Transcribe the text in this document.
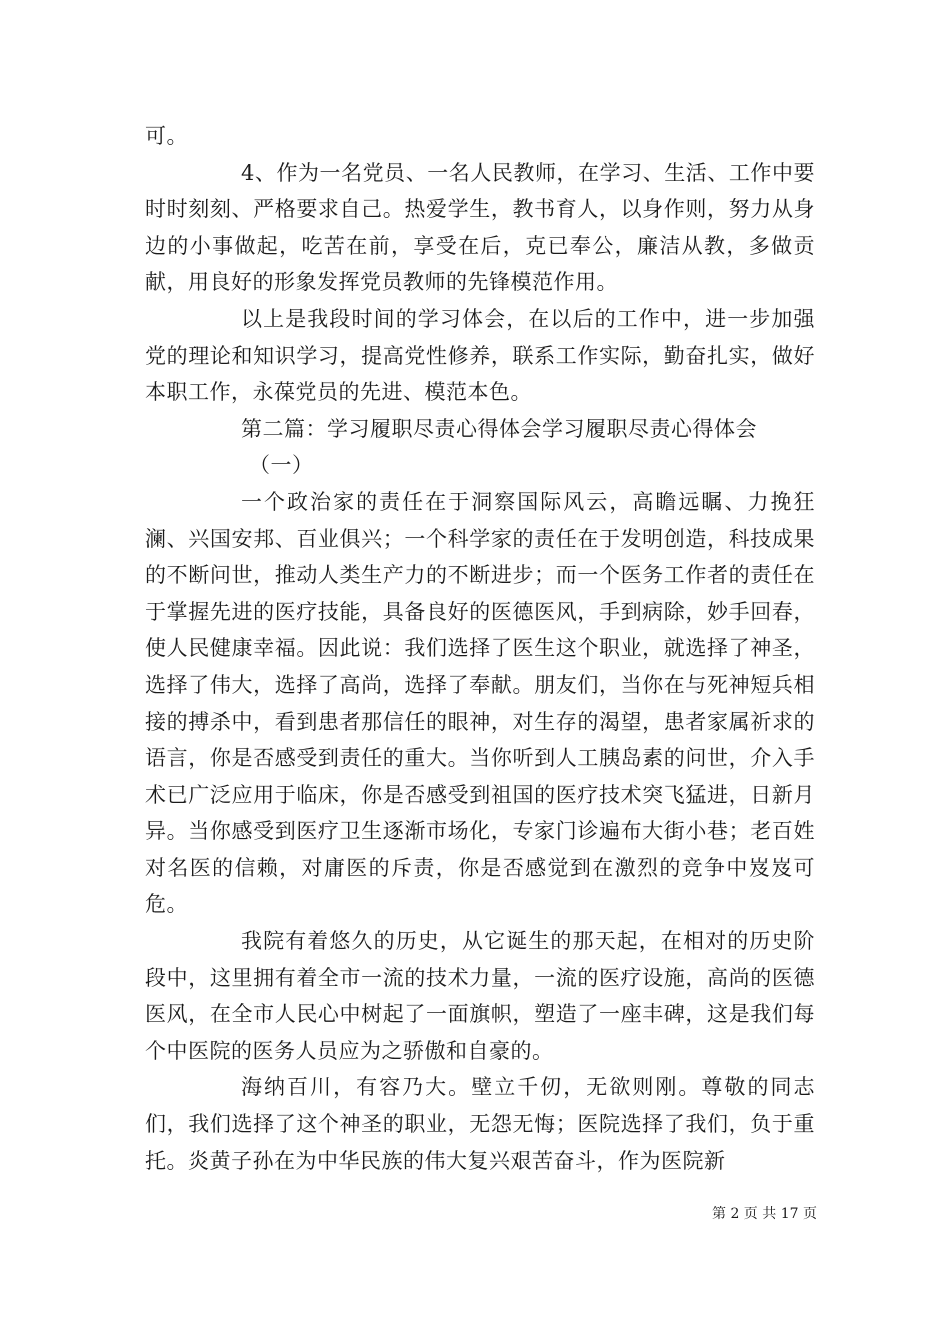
可。

4、作为一名党员、一名人民教师，在学习、生活、工作中要时时刻刻、严格要求自己。热爱学生，教书育人，以身作则，努力从身边的小事做起，吃苦在前，享受在后，克已奉公，廉洁从教，多做贡献，用良好的形象发挥党员教师的先锋模范作用。

以上是我段时间的学习体会，在以后的工作中，进一步加强党的理论和知识学习，提高党性修养，联系工作实际，勤奋扎实，做好本职工作，永葆党员的先进、模范本色。

第二篇：学习履职尽责心得体会学习履职尽责心得体会

（一）

一个政治家的责任在于洞察国际风云，高瞻远瞩、力挽狂澜、兴国安邦、百业俱兴；一个科学家的责任在于发明创造，科技成果的不断问世，推动人类生产力的不断进步；而一个医务工作者的责任在于掌握先进的医疗技能，具备良好的医德医风，手到病除，妙手回春，使人民健康幸福。因此说：我们选择了医生这个职业，就选择了神圣，选择了伟大，选择了高尚，选择了奉献。朋友们，当你在与死神短兵相接的搏杀中，看到患者那信任的眼神，对生存的渴望，患者家属祈求的语言，你是否感受到责任的重大。当你听到人工胰岛素的问世，介入手术已广泛应用于临床，你是否感受到祖国的医疗技术突飞猛进，日新月异。当你感受到医疗卫生逐渐市场化，专家门诊遍布大街小巷；老百姓对名医的信赖，对庸医的斥责，你是否感觉到在激烈的竞争中岌岌可危。

我院有着悠久的历史，从它诞生的那天起，在相对的历史阶段中，这里拥有着全市一流的技术力量，一流的医疗设施，高尚的医德医风，在全市人民心中树起了一面旗帜，塑造了一座丰碑，这是我们每个中医院的医务人员应为之骄傲和自豪的。

海纳百川，有容乃大。壁立千仞，无欲则刚。尊敬的同志们，我们选择了这个神圣的职业，无怨无悔；医院选择了我们，负于重托。炎黄子孙在为中华民族的伟大复兴艰苦奋斗，作为医院新

第 2 页 共 17 页
